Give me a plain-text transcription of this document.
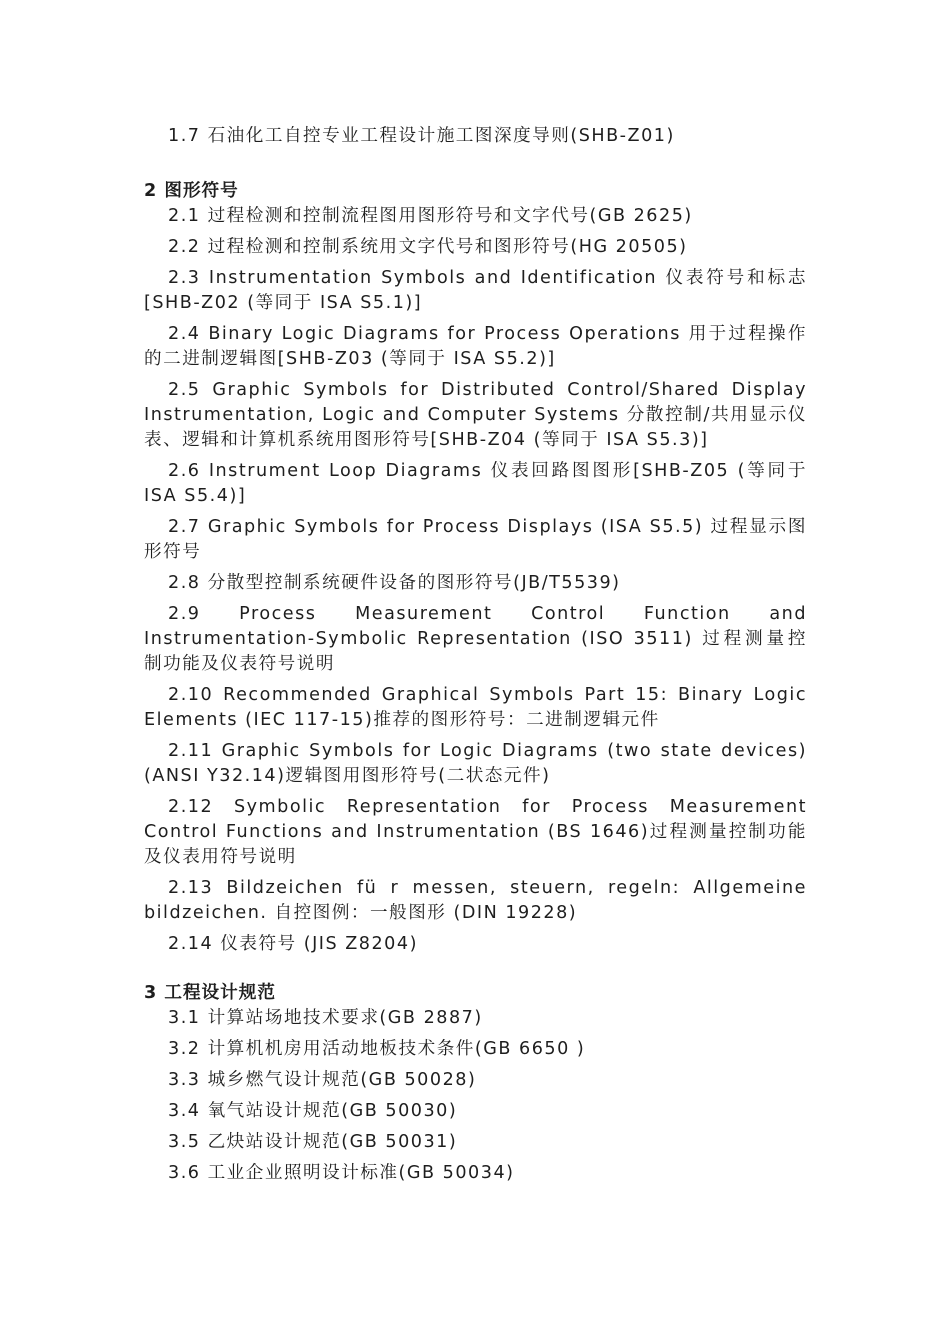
1.7 石油化工自控专业工程设计施工图深度导则(SHB-Z01)

2 图形符号

2.1 过程检测和控制流程图用图形符号和文字代号(GB 2625)

2.2 过程检测和控制系统用文字代号和图形符号(HG 20505)

2.3 Instrumentation Symbols and Identification 仪表符号和标志[SHB-Z02 (等同于 ISA S5.1)]

2.4 Binary Logic Diagrams for Process Operations 用于过程操作的二进制逻辑图[SHB-Z03 (等同于 ISA S5.2)]

2.5 Graphic Symbols for Distributed Control/Shared Display Instrumentation, Logic and Computer Systems 分散控制/共用显示仪表、逻辑和计算机系统用图形符号[SHB-Z04 (等同于 ISA S5.3)]

2.6 Instrument Loop Diagrams 仪表回路图图形[SHB-Z05 (等同于 ISA S5.4)]

2.7 Graphic Symbols for Process Displays (ISA S5.5) 过程显示图形符号

2.8 分散型控制系统硬件设备的图形符号(JB/T5539)

2.9 Process Measurement Control Function and Instrumentation-Symbolic Representation (ISO 3511) 过程测量控制功能及仪表符号说明

2.10 Recommended Graphical Symbols Part 15: Binary Logic Elements (IEC 117-15)推荐的图形符号：二进制逻辑元件

2.11 Graphic Symbols for Logic Diagrams (two state devices) (ANSI Y32.14)逻辑图用图形符号(二状态元件)

2.12 Symbolic Representation for Process Measurement Control Functions and Instrumentation (BS 1646)过程测量控制功能及仪表用符号说明

2.13 Bildzeichen fü r messen, steuern, regeln: Allgemeine bildzeichen. 自控图例：一般图形 (DIN 19228)

2.14 仪表符号 (JIS Z8204)

3 工程设计规范

3.1 计算站场地技术要求(GB 2887)

3.2 计算机机房用活动地板技术条件(GB 6650 )

3.3 城乡燃气设计规范(GB 50028)

3.4 氧气站设计规范(GB 50030)

3.5 乙炔站设计规范(GB 50031)

3.6 工业企业照明设计标准(GB 50034)
